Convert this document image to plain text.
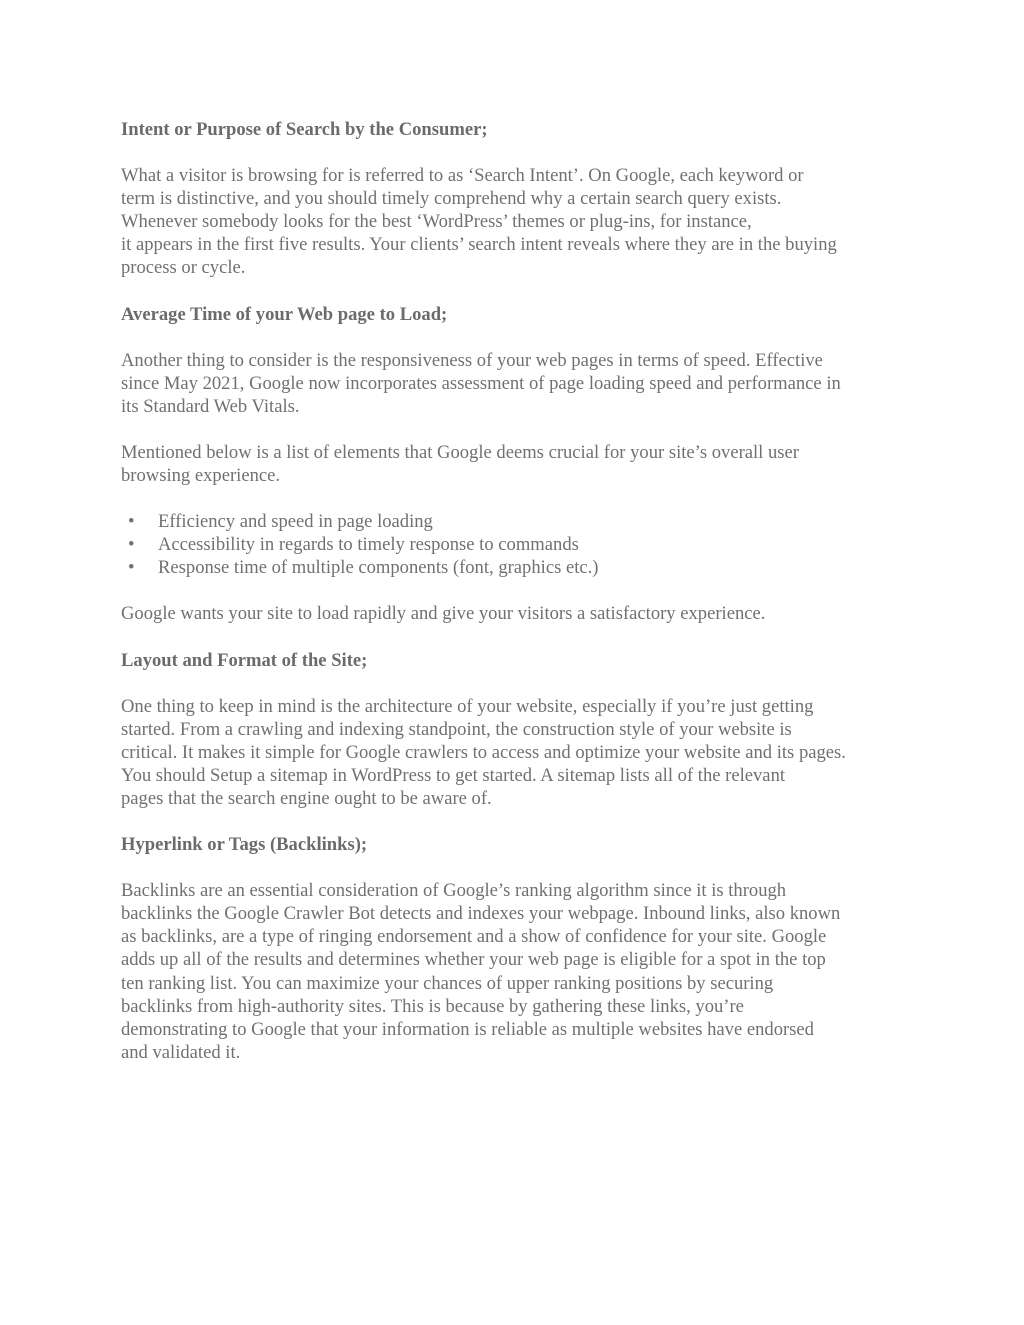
Intent or Purpose of Search by the Consumer;
What a visitor is browsing for is referred to as ‘Search Intent’. On Google, each keyword or
term is distinctive, and you should timely comprehend why a certain search query exists.
Whenever somebody looks for the best ‘WordPress’ themes or plug-ins, for instance,
it appears in the first five results. Your clients’ search intent reveals where they are in the buying
process or cycle.
Average Time of your Web page to Load;
Another thing to consider is the responsiveness of your web pages in terms of speed. Effective
since May 2021, Google now incorporates assessment of page loading speed and performance in
its Standard Web Vitals.
Mentioned below is a list of elements that Google deems crucial for your site’s overall user
browsing experience.
• Efficiency and speed in page loading
• Accessibility in regards to timely response to commands
• Response time of multiple components (font, graphics etc.)
Google wants your site to load rapidly and give your visitors a satisfactory experience.
Layout and Format of the Site;
One thing to keep in mind is the architecture of your website, especially if you’re just getting
started. From a crawling and indexing standpoint, the construction style of your website is
critical. It makes it simple for Google crawlers to access and optimize your website and its pages.
You should Setup a sitemap in WordPress to get started. A sitemap lists all of the relevant
pages that the search engine ought to be aware of.
Hyperlink or Tags (Backlinks);
Backlinks are an essential consideration of Google’s ranking algorithm since it is through
backlinks the Google Crawler Bot detects and indexes your webpage. Inbound links, also known
as backlinks, are a type of ringing endorsement and a show of confidence for your site. Google
adds up all of the results and determines whether your web page is eligible for a spot in the top
ten ranking list. You can maximize your chances of upper ranking positions by securing
backlinks from high-authority sites. This is because by gathering these links, you’re
demonstrating to Google that your information is reliable as multiple websites have endorsed
and validated it.
